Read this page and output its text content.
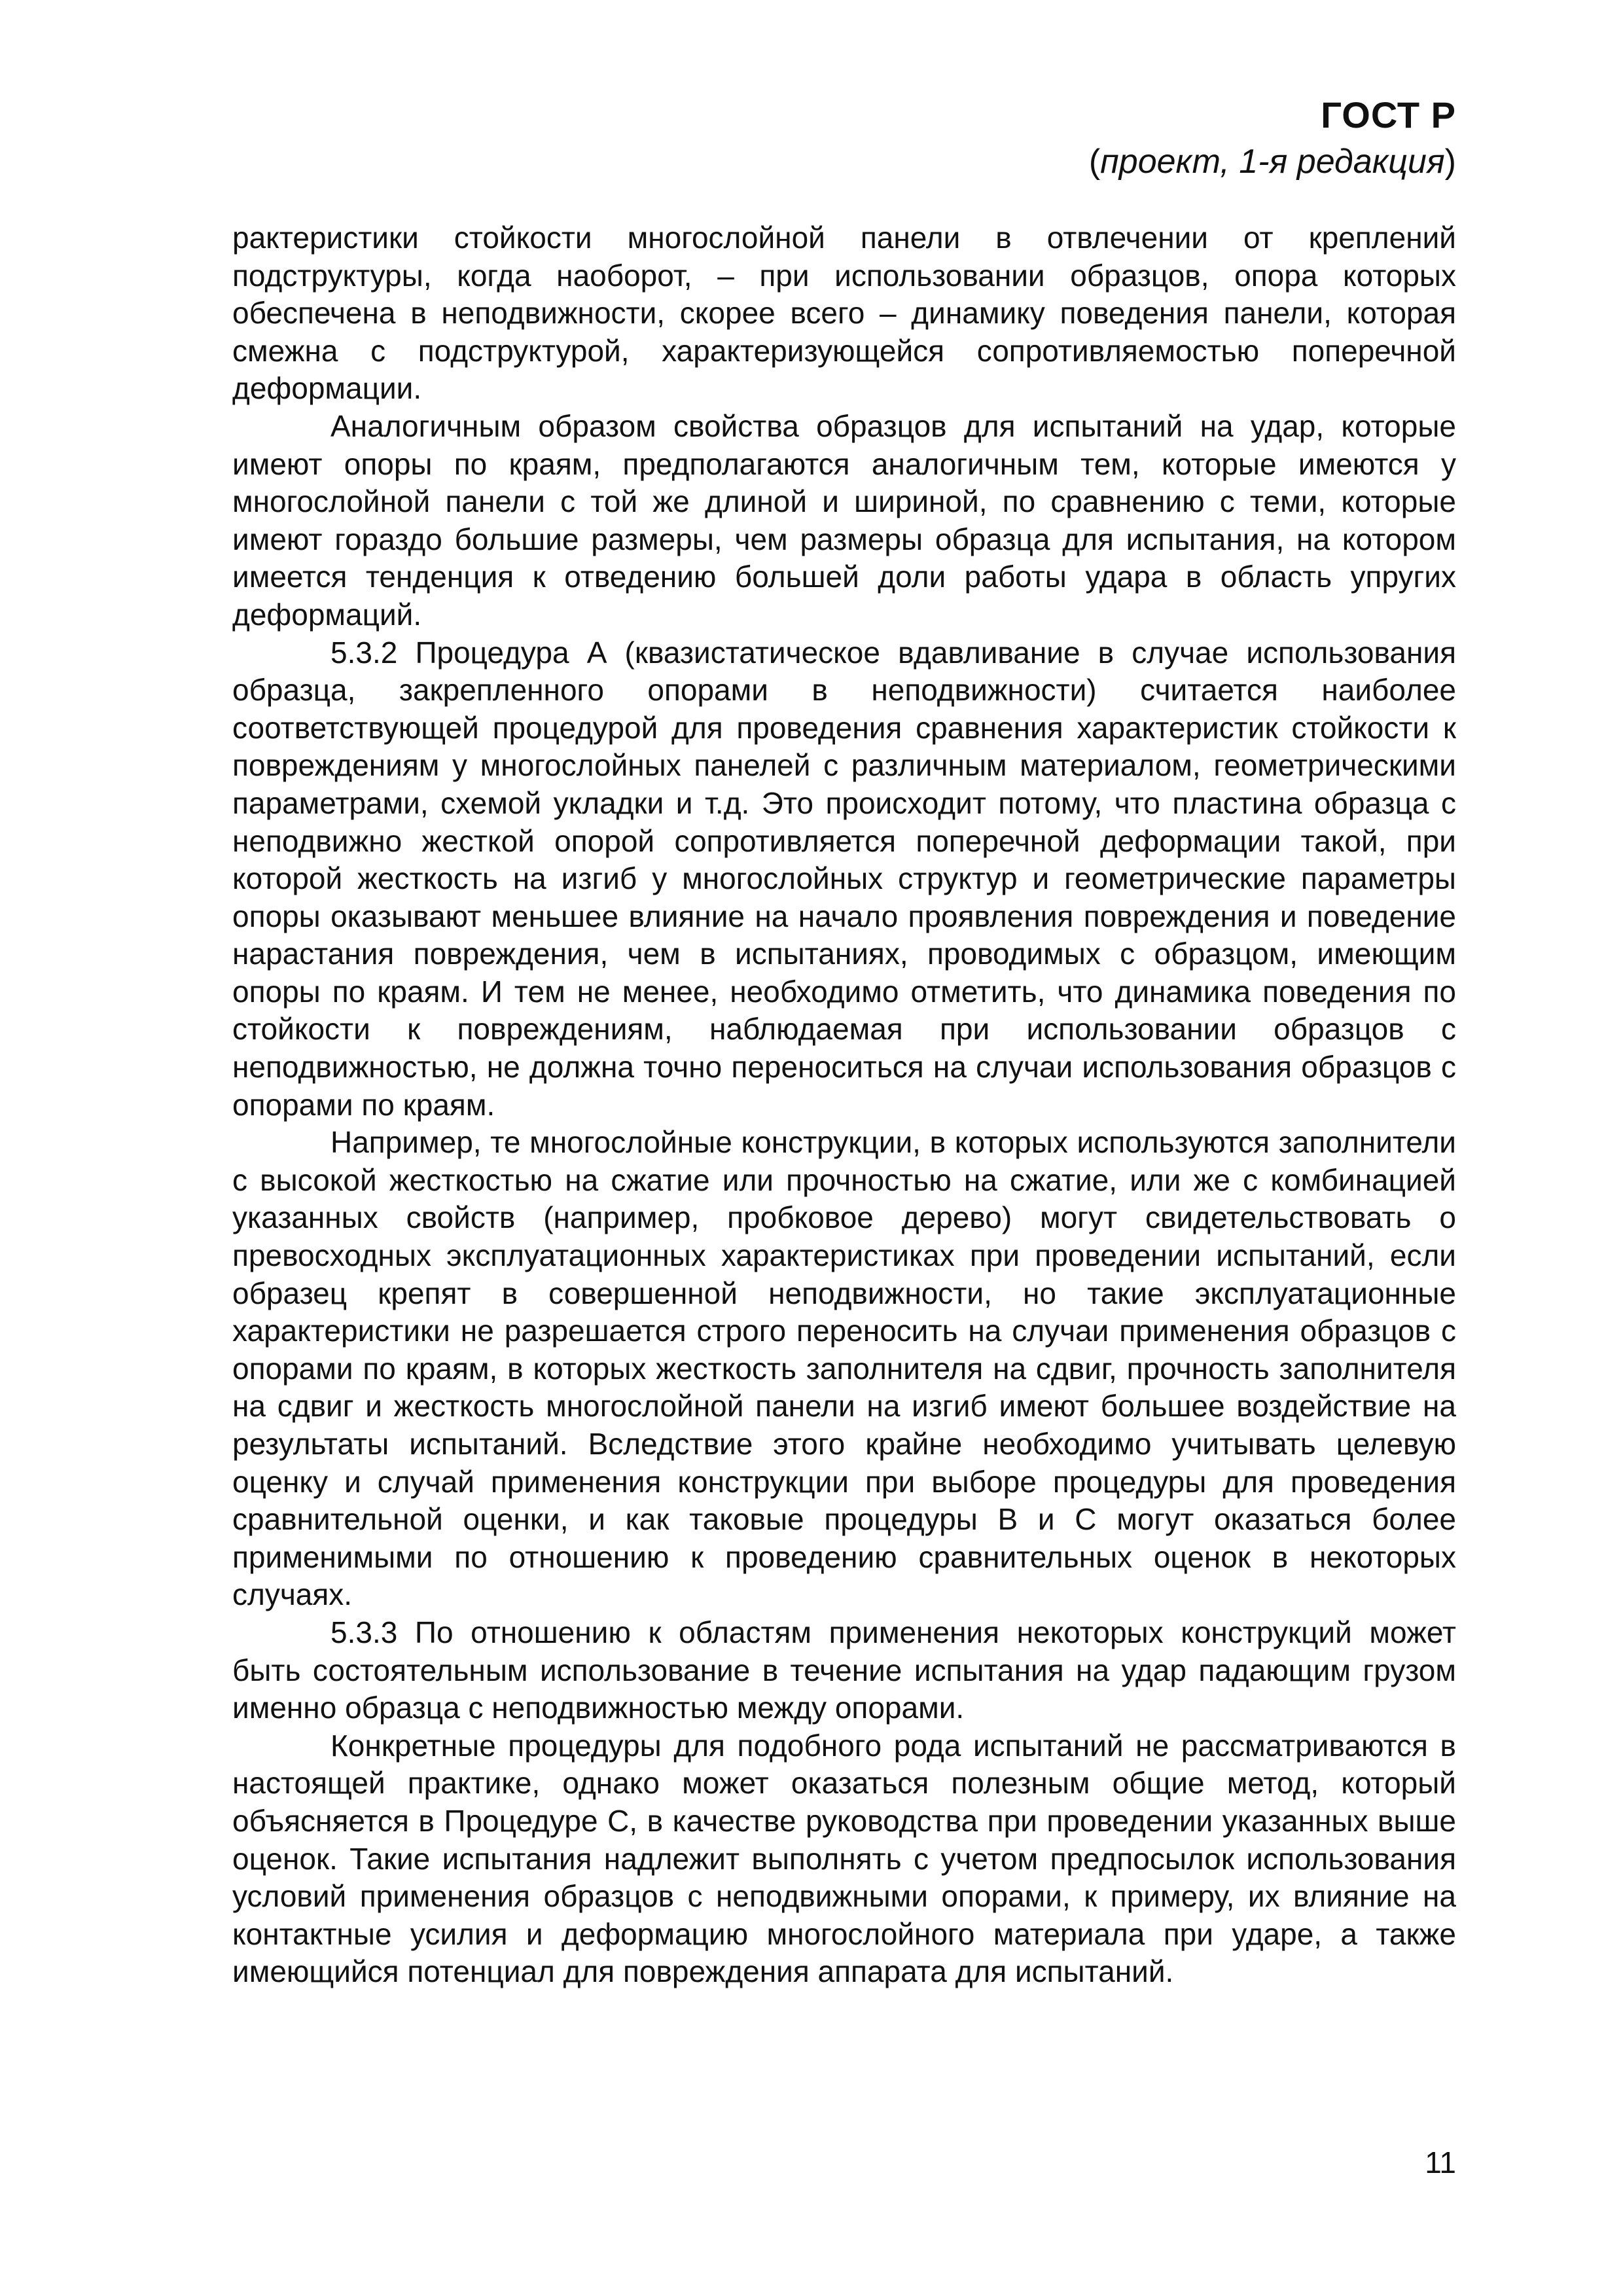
ГОСТ Р
(проект, 1-я редакция)

рактеристики стойкости многослойной панели в отвлечении от креплений подструктуры, когда наоборот, – при использовании образцов, опора которых обеспечена в неподвижности, скорее всего – динамику поведения панели, которая смежна с подструктурой, характеризующейся сопротивляемостью поперечной деформации.

Аналогичным образом свойства образцов для испытаний на удар, которые имеют опоры по краям, предполагаются аналогичным тем, которые имеются у многослойной панели с той же длиной и шириной, по сравнению с теми, которые имеют гораздо большие размеры, чем размеры образца для испытания, на котором имеется тенденция к отведению большей доли работы удара в область упругих деформаций.

5.3.2 Процедура А (квазистатическое вдавливание в случае использования образца, закрепленного опорами в неподвижности) считается наиболее соответствующей процедурой для проведения сравнения характеристик стойкости к повреждениям у многослойных панелей с различным материалом, геометрическими параметрами, схемой укладки и т.д. Это происходит потому, что пластина образца с неподвижно жесткой опорой сопротивляется поперечной деформации такой, при которой жесткость на изгиб у многослойных структур и геометрические параметры опоры оказывают меньшее влияние на начало проявления повреждения и поведение нарастания повреждения, чем в испытаниях, проводимых с образцом, имеющим опоры по краям. И тем не менее, необходимо отметить, что динамика поведения по стойкости к повреждениям, наблюдаемая при использовании образцов с неподвижностью, не должна точно переноситься на случаи использования образцов с опорами по краям.

Например, те многослойные конструкции, в которых используются заполнители с высокой жесткостью на сжатие или прочностью на сжатие, или же с комбинацией указанных свойств (например, пробковое дерево) могут свидетельствовать о превосходных эксплуатационных характеристиках при проведении испытаний, если образец крепят в совершенной неподвижности, но такие эксплуатационные характеристики не разрешается строго переносить на случаи применения образцов с опорами по краям, в которых жесткость заполнителя на сдвиг, прочность заполнителя на сдвиг и жесткость многослойной панели на изгиб имеют большее воздействие на результаты испытаний. Вследствие этого крайне необходимо учитывать целевую оценку и случай применения конструкции при выборе процедуры для проведения сравнительной оценки, и как таковые процедуры В и С могут оказаться более применимыми по отношению к проведению сравнительных оценок в некоторых случаях.

5.3.3 По отношению к областям применения некоторых конструкций может быть состоятельным использование в течение испытания на удар падающим грузом именно образца с неподвижностью между опорами.

Конкретные процедуры для подобного рода испытаний не рассматриваются в настоящей практике, однако может оказаться полезным общие метод, который объясняется в Процедуре С, в качестве руководства при проведении указанных выше оценок. Такие испытания надлежит выполнять с учетом предпосылок использования условий применения образцов с неподвижными опорами, к примеру, их влияние на контактные усилия и деформацию многослойного материала при ударе, а также имеющийся потенциал для повреждения аппарата для испытаний.

11
